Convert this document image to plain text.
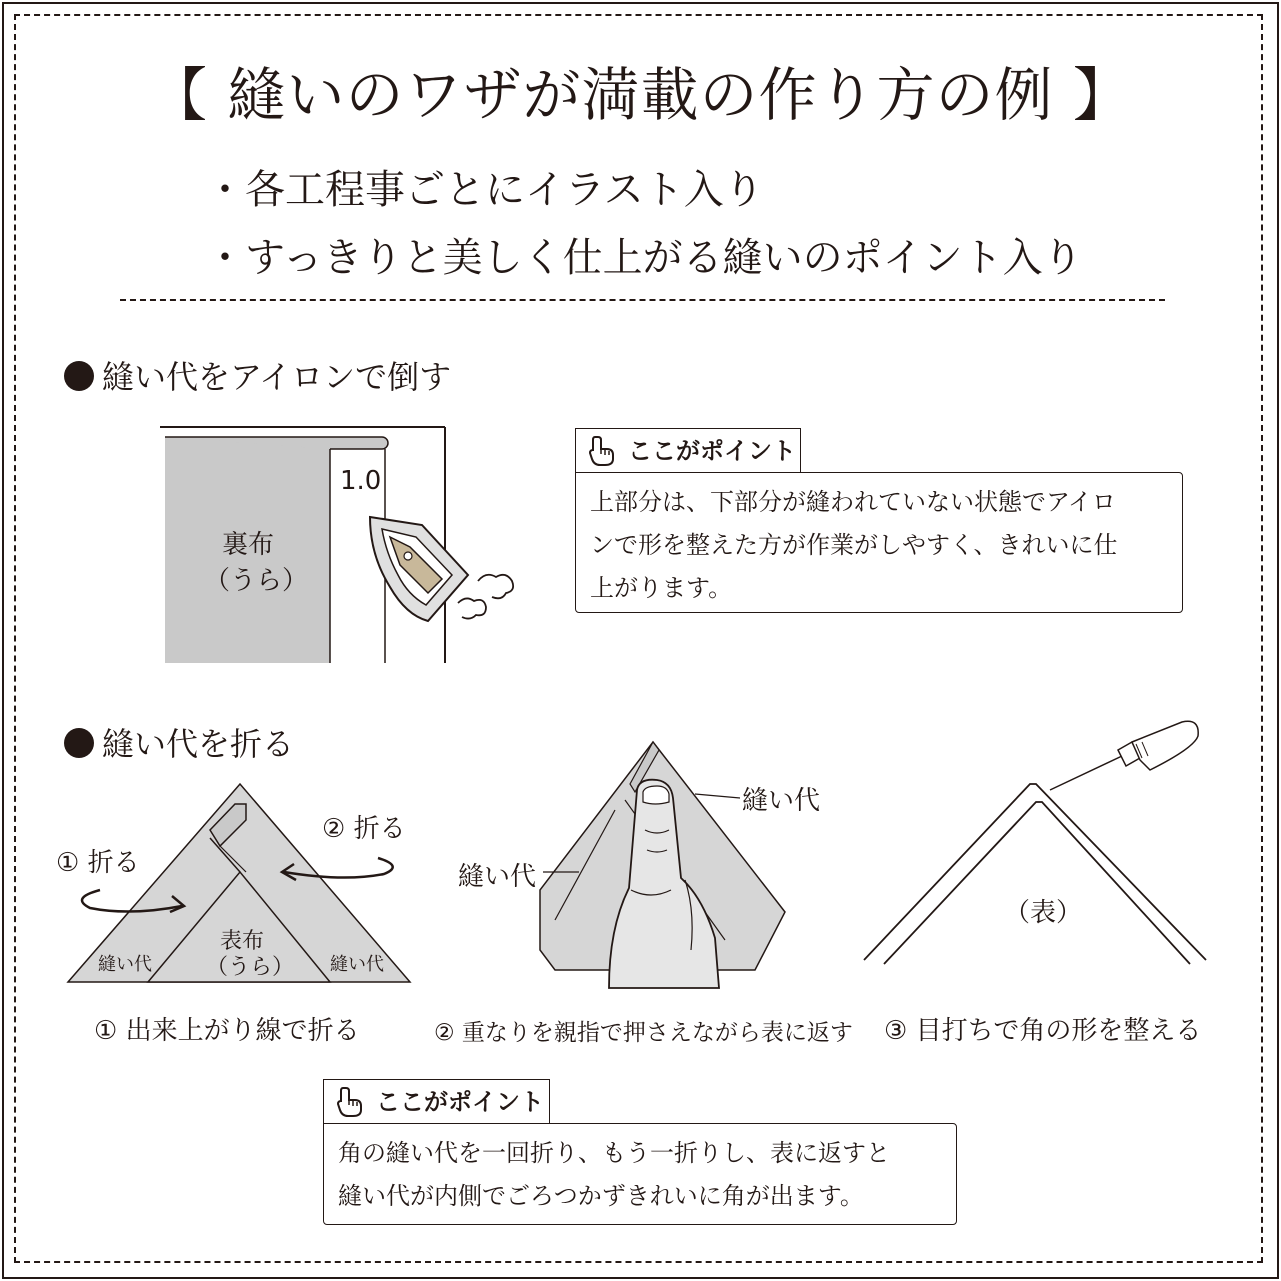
【 縫いのワザが満載の作り方の例 】
・各工程事ごとにイラスト入り
・すっきりと美しく仕上がる縫いのポイント入り
縫い代をアイロンで倒す
1.0
裏布
（うら）
ここがポイント
上部分は、下部分が縫われていない状態でアイロ
ンで形を整えた方が作業がしやすく、きれいに仕
上がります。
縫い代を折る
① 折る
② 折る
縫い代	縫い代
表布
（うら）
縫い代
縫い代
（表）
① 出来上がり線で折る	② 重なりを親指で押さえながら表に返す ③ 目打ちで角の形を整える
ここがポイント
角の縫い代を一回折り、もう一折りし、表に返すと
縫い代が内側でごろつかずきれいに角が出ます。
